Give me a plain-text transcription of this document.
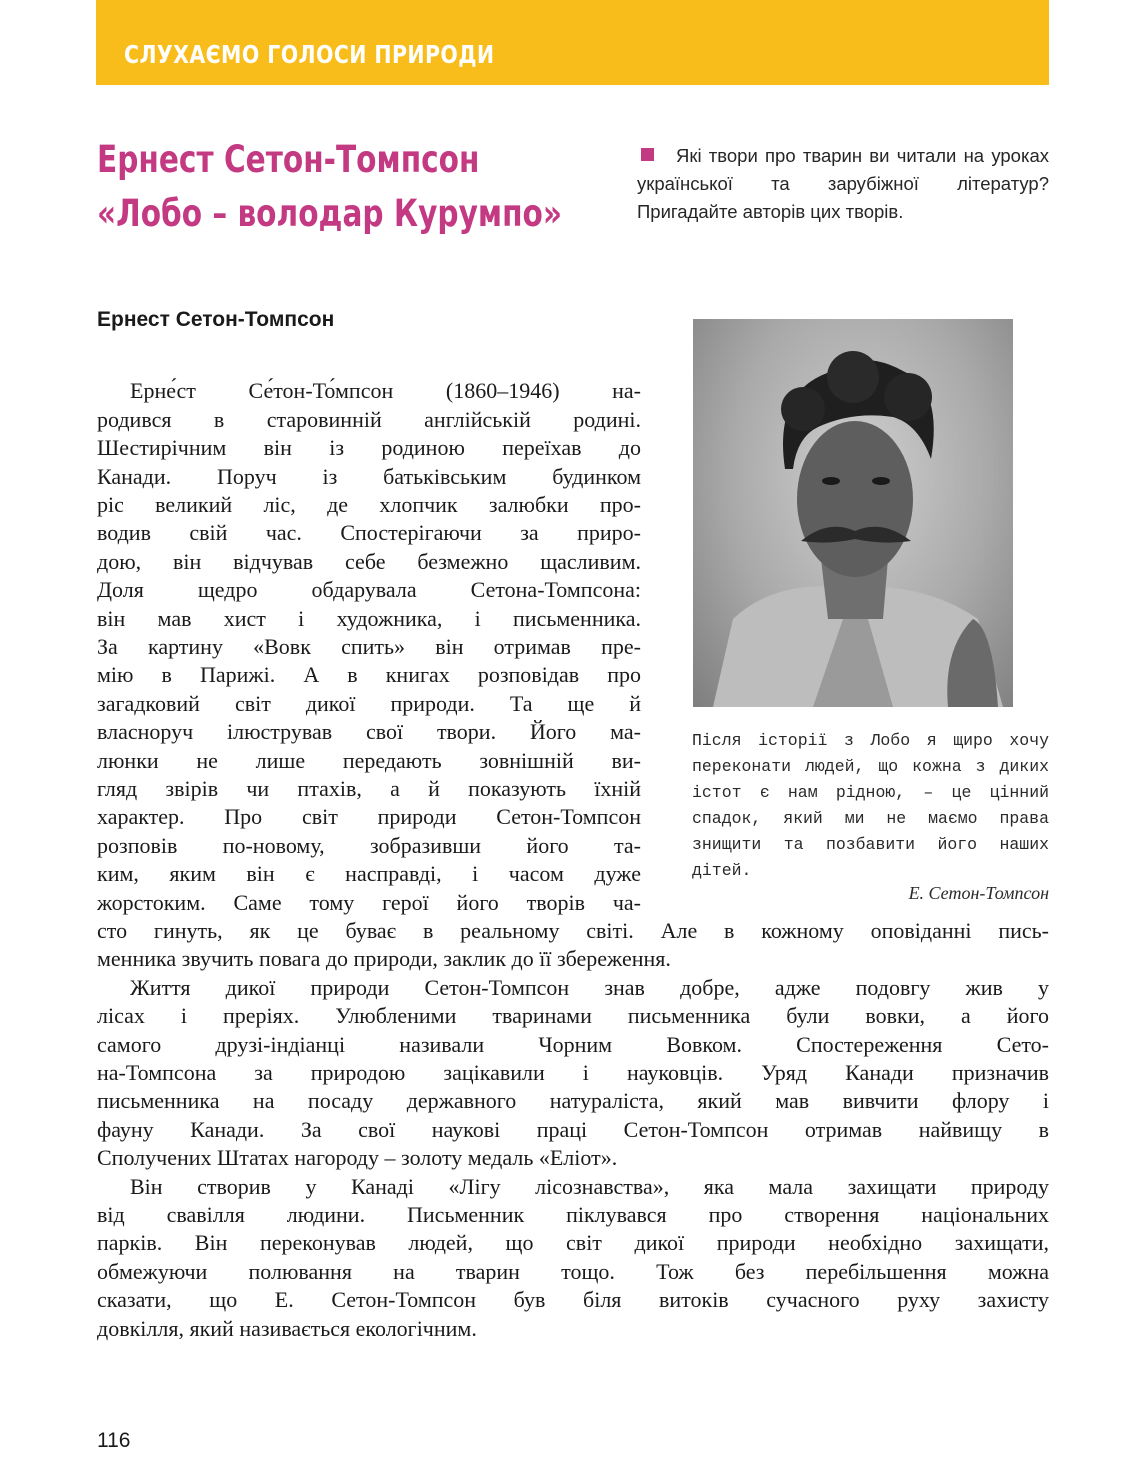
СЛУХАЄМО ГОЛОСИ ПРИРОДИ
Ернест Сетон-Томпсон
«Лобо – володар Курумпо»
Які твори про тварин ви читали на уроках української та зарубіжної літератур? Пригадайте авторів цих творів.
Ернест Сетон-Томпсон
Після історії з Лобо я щиро хочу переконати людей, що кожна з диких істот є нам рідною, – це цінний спадок, який ми не маємо права знищити та позбавити його наших дітей.
Е. Сетон-Томпсон

Ерне́ст Се́тон-То́мпсон (1860–1946) на-

родився в старовинній англійській родині.

Шестирічним він із родиною переїхав до

Канади. Поруч із батьківським будинком

ріс великий ліс, де хлопчик залюбки про-

водив свій час. Спостерігаючи за приро-

дою, він відчував себе безмежно щасливим.

Доля щедро обдарувала Сетона-Томпсона:

він мав хист і художника, і письменника.

За картину «Вовк спить» він отримав пре-

мію в Парижі. А в книгах розповідав про

загадковий світ дикої природи. Та ще й

власноруч ілюстрував свої твори. Його ма-

люнки не лише передають зовнішній ви-

гляд звірів чи птахів, а й показують їхній

характер. Про світ природи Сетон-Томпсон

розповів по-новому, зобразивши його та-

ким, яким він є насправді, і часом дуже

жорстоким. Саме тому герої його творів ча-

сто гинуть, як це буває в реальному світі. Але в кожному оповіданні пись-

менника звучить повага до природи, заклик до її збереження.

Життя дикої природи Сетон-Томпсон знав добре, адже подовгу жив у

лісах і преріях. Улюбленими тваринами письменника були вовки, а його

самого друзі-індіанці називали Чорним Вовком. Спостереження Сето-

на-Томпсона за природою зацікавили і науковців. Уряд Канади призначив

письменника на посаду державного натураліста, який мав вивчити флору і

фауну Канади. За свої наукові праці Сетон-Томпсон отримав найвищу в

Сполучених Штатах нагороду – золоту медаль «Еліот».

Він створив у Канаді «Лігу лісознавства», яка мала захищати природу

від свавілля людини. Письменник піклувався про створення національних

парків. Він переконував людей, що світ дикої природи необхідно захищати,

обмежуючи полювання на тварин тощо. Тож без перебільшення можна

сказати, що Е. Сетон-Томпсон був біля витоків сучасного руху захисту

довкілля, який називається екологічним.

116
